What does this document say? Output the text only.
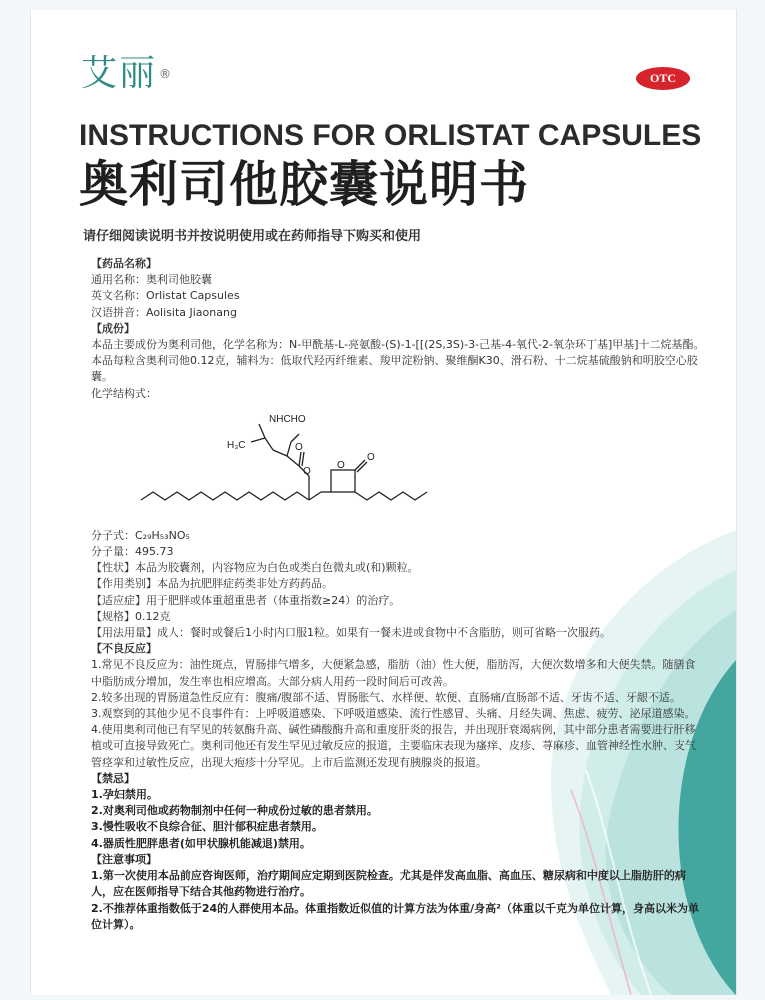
艾丽 ®	OTC
INSTRUCTIONS FOR ORLISTAT CAPSULES
奥利司他胶囊说明书
请仔细阅读说明书并按说明使用或在药师指导下购买和使用
【药品名称】
通用名称：奥利司他胶囊
英文名称：Orlistat Capsules
汉语拼音：Aolisita Jiaonang
【成份】
本品主要成份为奥利司他，化学名称为：N-甲酰基-L-亮氨酸-(S)-1-[[(2S,3S)-3-己基-4-氧代-2-氧杂环丁基]甲基]十二烷基酯。本品每粒含奥利司他0.12克，辅料为：低取代羟丙纤维素、羧甲淀粉钠、聚维酮K30、滑石粉、十二烷基硫酸钠和明胶空心胶囊。
化学结构式：
NHCHO
H₃C	O
O
O
O
分子式：C₂₉H₅₃NO₅
分子量：495.73
【性状】本品为胶囊剂，内容物应为白色或类白色微丸或(和)颗粒。
【作用类别】本品为抗肥胖症药类非处方药药品。
【适应症】用于肥胖或体重超重患者（体重指数≥24）的治疗。
【规格】0.12克
【用法用量】成人：餐时或餐后1小时内口服1粒。如果有一餐未进或食物中不含脂肪，则可省略一次服药。
【不良反应】
1.常见不良反应为：油性斑点，胃肠排气增多，大便紧急感，脂肪（油）性大便，脂肪泻，大便次数增多和大便失禁。随膳食中脂肪成分增加，发生率也相应增高。大部分病人用药一段时间后可改善。
2.较多出现的胃肠道急性反应有：腹痛/腹部不适、胃肠胀气、水样便、软便、直肠痛/直肠部不适、牙齿不适、牙龈不适。
3.观察到的其他少见不良事件有：上呼吸道感染、下呼吸道感染、流行性感冒、头痛、月经失调、焦虑、疲劳、泌尿道感染。
4.使用奥利司他已有罕见的转氨酶升高、碱性磷酸酶升高和重度肝炎的报告，并出现肝衰竭病例，其中部分患者需要进行肝移植或可直接导致死亡。奥利司他还有发生罕见过敏反应的报道，主要临床表现为瘙痒、皮疹、荨麻疹、血管神经性水肿、支气管痉挛和过敏性反应，出现大疱疹十分罕见。上市后监测还发现有胰腺炎的报道。
【禁忌】
1.孕妇禁用。
2.对奥利司他或药物制剂中任何一种成份过敏的患者禁用。
3.慢性吸收不良综合征、胆汁郁积症患者禁用。
4.器质性肥胖患者(如甲状腺机能减退)禁用。
【注意事项】
1.第一次使用本品前应咨询医师，治疗期间应定期到医院检查。尤其是伴发高血脂、高血压、糖尿病和中度以上脂肪肝的病人，应在医师指导下结合其他药物进行治疗。
2.不推荐体重指数低于24的人群使用本品。体重指数近似值的计算方法为体重/身高²（体重以千克为单位计算，身高以米为单位计算）。
